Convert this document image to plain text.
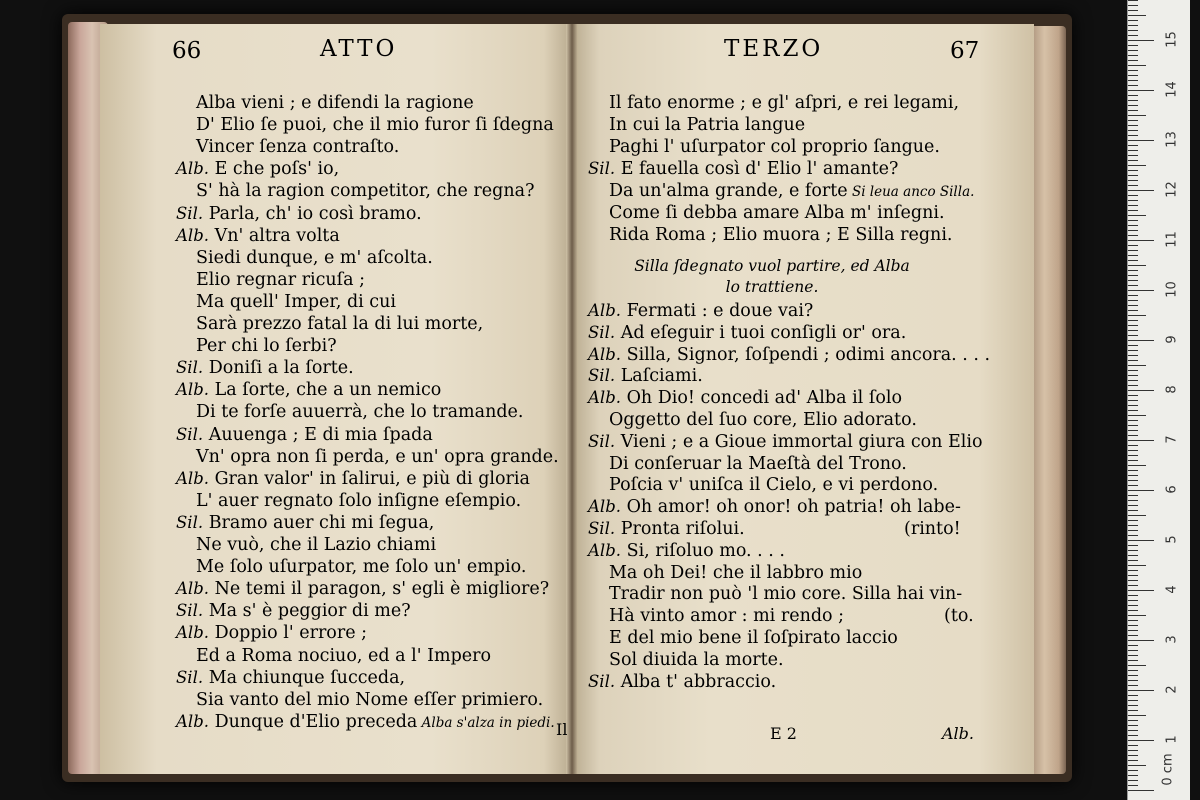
66	ATTO	TERZO	67
Alba vieni ; e difendi la ragione
D' Elio ſe puoi, che il mio furor ſi ſdegna
Vincer ſenza contraſto.
Alb. E che poſs' io,
S' hà la ragion competitor, che regna?
Sil. Parla, ch' io così bramo.
Alb. Vn' altra volta
Siedi dunque, e m' aſcolta.
Elio regnar ricuſa ;
Ma quell' Imper, di cui
Sarà prezzo fatal la di lui morte,
Per chi lo ſerbi?
Sil. Doniſi a la ſorte.
Alb. La ſorte, che a un nemico
Di te forſe auuerrà, che lo tramande.
Sil. Auuenga ; E di mia ſpada
Vn' opra non ſi perda, e un' opra grande.
Alb. Gran valor' in ſalirui, e più di gloria
L' auer regnato ſolo inſigne eſempio.
Sil. Bramo auer chi mi ſegua,
Ne vuò, che il Lazio chiami
Me ſolo uſurpator, me ſolo un' empio.
Alb. Ne temi il paragon, s' egli è migliore?
Sil. Ma s' è peggior di me?
Alb. Doppio l' errore ;
Ed a Roma nociuo, ed a l' Impero
Sil. Ma chiunque ſucceda,
Sia vanto del mio Nome eſſer primiero.
Alb. Dunque d'Elio preceda Alba s'alza in piedi.
Il fato enorme ; e gl' aſpri, e rei legami,
In cui la Patria langue
Paghi l' uſurpator col proprio ſangue.
Sil. E fauella così d' Elio l' amante?
Da un'alma grande, e forte Si leua anco Silla.
Come ſi debba amare Alba m' inſegni.
Rida Roma ; Elio muora ; E Silla regni.
Alb. Fermati : e doue vai?
Sil. Ad eſeguir i tuoi conſigli or' ora.
Alb. Silla, Signor, ſoſpendi ; odimi ancora. . . .
Sil. Laſciami.
Alb. Oh Dio! concedi ad' Alba il ſolo
Oggetto del ſuo core, Elio adorato.
Sil. Vieni ; e a Gioue immortal giura con Elio
Di conſeruar la Maeſtà del Trono.
Poſcia v' uniſca il Cielo, e vi perdono.
Alb. Oh amor! oh onor! oh patria! oh labe-
Sil. Pronta riſolui.	(rinto!
Alb. Si, riſoluo mo. . . .
Ma oh Dei! che il labbro mio
Tradir non può 'l mio core. Silla hai vin-
Hà vinto amor : mi rendo ;	(to.
E del mio bene il ſoſpirato laccio
Sol diuida la morte.
Sil. Alba t' abbraccio.
Silla ſdegnato vuol partire, ed Alba
lo trattiene.
Il	E 2	Alb.
0 cm
1
2
3
4
5
6
7
8
9
10
11
12
13
14
15
